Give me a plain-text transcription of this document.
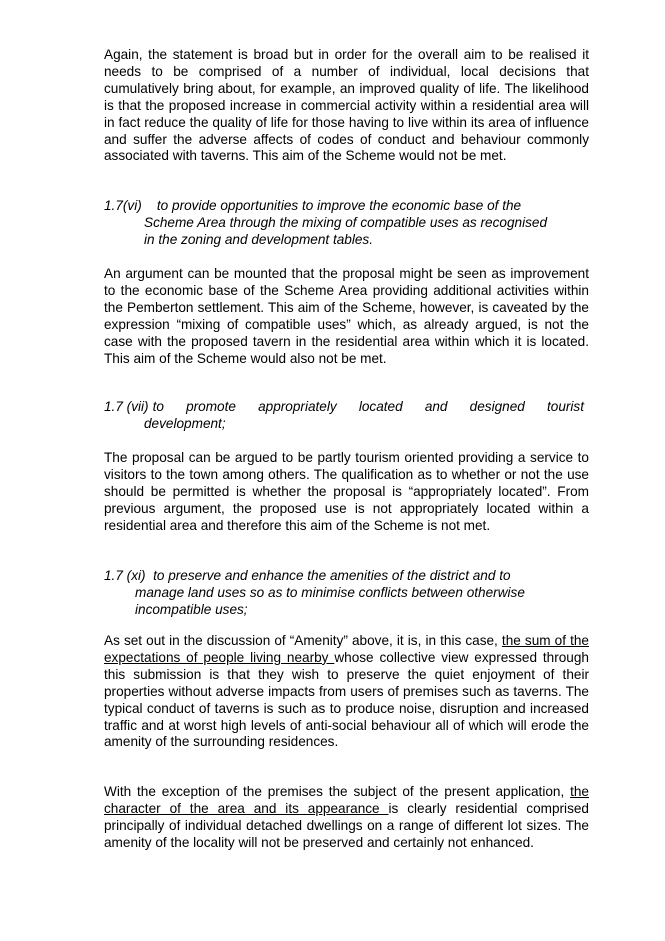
Again, the statement is broad but in order for the overall aim to be realised it needs to be comprised of a number of individual, local decisions that cumulatively bring about, for example, an improved quality of life. The likelihood is that the proposed increase in commercial activity within a residential area will in fact reduce the quality of life for those having to live within its area of influence and suffer the adverse affects of codes of conduct and behaviour commonly associated with taverns. This aim of the Scheme would not be met.

1.7(vi) to provide opportunities to improve the economic base of the
Scheme Area through the mixing of compatible uses as recognised
in the zoning and development tables.

An argument can be mounted that the proposal might be seen as improvement to the economic base of the Scheme Area providing additional activities within the Pemberton settlement. This aim of the Scheme, however, is caveated by the expression “mixing of compatible uses” which, as already argued, is not the case with the proposed tavern in the residential area within which it is located. This aim of the Scheme would also not be met.

1.7 (vii) to promote appropriately located and designed tourist
development;

The proposal can be argued to be partly tourism oriented providing a service to visitors to the town among others. The qualification as to whether or not the use should be permitted is whether the proposal is “appropriately located”. From previous argument, the proposed use is not appropriately located within a residential area and therefore this aim of the Scheme is not met.

1.7 (xi) to preserve and enhance the amenities of the district and to
manage land uses so as to minimise conflicts between otherwise
incompatible uses;

As set out in the discussion of “Amenity” above, it is, in this case, the sum of the expectations of people living nearby whose collective view expressed through this submission is that they wish to preserve the quiet enjoyment of their properties without adverse impacts from users of premises such as taverns. The typical conduct of taverns is such as to produce noise, disruption and increased traffic and at worst high levels of anti-social behaviour all of which will erode the amenity of the surrounding residences.

With the exception of the premises the subject of the present application, the character of the area and its appearance is clearly residential comprised principally of individual detached dwellings on a range of different lot sizes. The amenity of the locality will not be preserved and certainly not enhanced.
